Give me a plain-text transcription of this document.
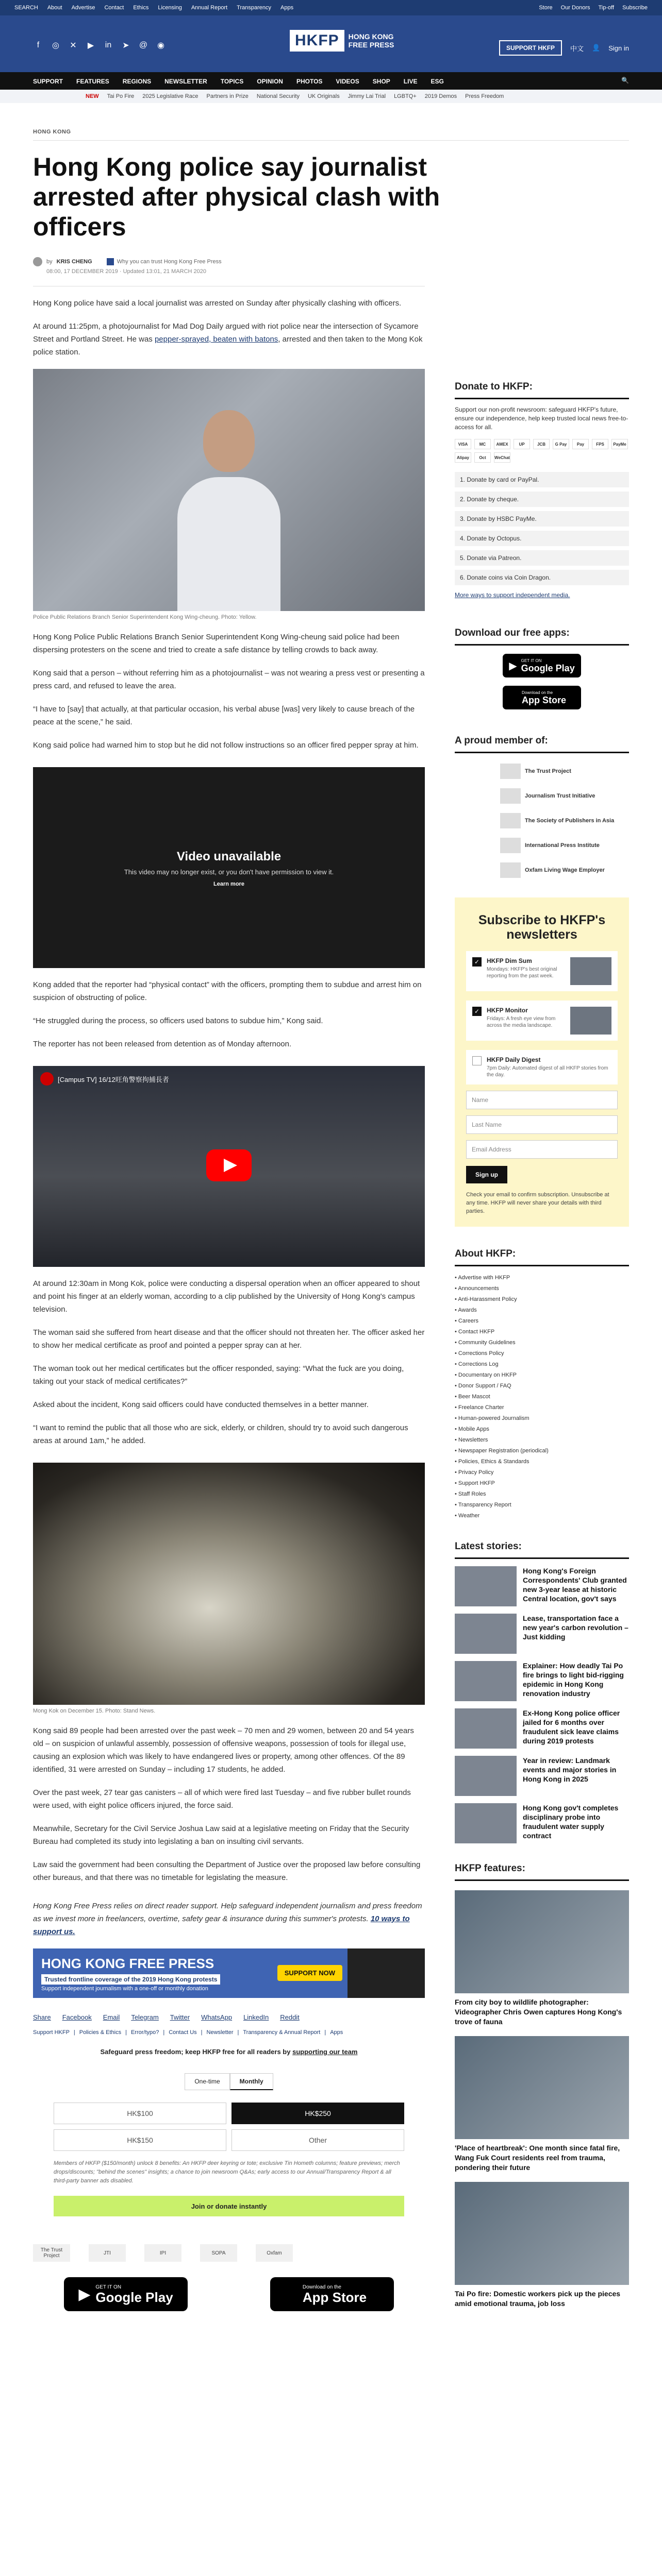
SEARCH About Advertise Contact Ethics Licensing Annual Report Transparency Apps	Store Our Donors Tip-off Subscribe
f	◎ ✕ ▶ in ➤ @ ◉	HKFP	HONG KONG
FREE PRESS	SUPPORT HKFP	中文 👤 Sign in
SUPPORT FEATURES REGIONS NEWSLETTER TOPICS OPINION PHOTOS VIDEOS SHOP LIVE ESG	🔍
NEW Tai Po Fire 2025 Legislative Race Partners in Prize National Security UK Originals Jimmy Lai Trial LGBTQ+ 2019 Demos Press Freedom
HONG KONG
Hong Kong police say journalist arrested after physical clash with officers
by KRIS CHENG	Why you can trust Hong Kong Free Press
08:00, 17 DECEMBER 2019 · Updated 13:01, 21 MARCH 2020

Hong Kong police have said a local journalist was arrested on Sunday after physically clashing with officers.

At around 11:25pm, a photojournalist for Mad Dog Daily argued with riot police near the intersection of Sycamore Street and Portland Street. He was pepper-sprayed, beaten with batons, arrested and then taken to the Mong Kok police station.

Police Public Relations Branch Senior Superintendent Kong Wing-cheung. Photo: Yellow.

Hong Kong Police Public Relations Branch Senior Superintendent Kong Wing-cheung said police had been dispersing protesters on the scene and tried to create a safe distance by telling crowds to back away.

Kong said that a person – without referring him as a photojournalist – was not wearing a press vest or presenting a press card, and refused to leave the area.

“I have to [say] that actually, at that particular occasion, his verbal abuse [was] very likely to cause breach of the peace at the scene,” he said.

Kong said police had warned him to stop but he did not follow instructions so an officer fired pepper spray at him.

Video unavailable
This video may no longer exist, or you don't have permission to view it.
Learn more

Kong added that the reporter had “physical contact” with the officers, prompting them to subdue and arrest him on suspicion of obstructing of police.

“He struggled during the process, so officers used batons to subdue him,” Kong said.

The reporter has not been released from detention as of Monday afternoon.

[Campus TV] 16/12旺角警察拘捕長者

At around 12:30am in Mong Kok, police were conducting a dispersal operation when an officer appeared to shout and point his finger at an elderly woman, according to a clip published by the University of Hong Kong's campus television.

The woman said she suffered from heart disease and that the officer should not threaten her. The officer asked her to show her medical certificate as proof and pointed a pepper spray can at her.

The woman took out her medical certificates but the officer responded, saying: “What the fuck are you doing, taking out your stack of medical certificates?”

Asked about the incident, Kong said officers could have conducted themselves in a better manner.

“I want to remind the public that all those who are sick, elderly, or children, should try to avoid such dangerous areas at around 1am,” he added.

Mong Kok on December 15. Photo: Stand News.

Kong said 89 people had been arrested over the past week – 70 men and 29 women, between 20 and 54 years old – on suspicion of unlawful assembly, possession of offensive weapons, possession of tools for illegal use, causing an explosion which was likely to have endangered lives or property, among other offences. Of the 89 identified, 31 were arrested on Sunday – including 17 students, he added.

Over the past week, 27 tear gas canisters – all of which were fired last Tuesday – and five rubber bullet rounds were used, with eight police officers injured, the force said.

Meanwhile, Secretary for the Civil Service Joshua Law said at a legislative meeting on Friday that the Security Bureau had completed its study into legislating a ban on insulting civil servants.

Law said the government had been consulting the Department of Justice over the proposed law before consulting other bureaus, and that there was no timetable for legislating the measure.

Hong Kong Free Press relies on direct reader support. Help safeguard independent journalism and press freedom as we invest more in freelancers, overtime, safety gear & insurance during this summer's protests. 10 ways to support us.

HONG KONG FREE PRESS
Trusted frontline coverage of the 2019 Hong Kong protests
Support independent journalism with a one-off or monthly donation
SUPPORT NOW
Share Facebook Email Telegram Twitter WhatsApp LinkedIn Reddit
Support HKFP | Policies & Ethics | Error/typo? | Contact Us | Newsletter | Transparency & Annual Report | Apps
Safeguard press freedom; keep HKFP free for all readers by supporting our team
One-time	Monthly
HK$100	HK$250
HK$150	Other
Members of HKFP ($150/month) unlock 8 benefits: An HKFP deer keyring or tote; exclusive Tin Hometh columns; feature previews; merch drops/discounts; "behind the scenes" insights; a chance to join newsroom Q&As; early access to our Annual/Transparency Report & all third-party banner ads disabled.
Join or donate instantly
The Trust Project	JTI	IPI	SOPA	Oxfam
▶ GET IT ON
Google Play
Download on the
App Store
Donate to HKFP:
Support our non-profit newsroom: safeguard HKFP's future, ensure our independence, help keep trusted local news free-to-access for all.
VISA	MC	AMEX	UP	JCB	G Pay	Pay	FPS	PayMe
Alipay	Oct	WeChat
1. Donate by card or PayPal.
2. Donate by cheque.
3. Donate by HSBC PayMe.
4. Donate by Octopus.
5. Donate via Patreon.
6. Donate coins via Coin Dragon.
More ways to support independent media.
Download our free apps:
▶ GET IT ON
Google Play
Download on the
App Store
A proud member of:
The Trust Project
Journalism Trust Initiative
The Society of Publishers in Asia
International Press Institute
Oxfam Living Wage Employer
Subscribe to HKFP's newsletters
✓	HKFP Dim Sum
Mondays: HKFP's best original reporting from the past week.
✓	HKFP Monitor
Fridays: A fresh eye view from across the media landscape.
HKFP Daily Digest
7pm Daily: Automated digest of all HKFP stories from the day.
Name
Last Name
Email Address
Sign up
Check your email to confirm subscription. Unsubscribe at any time. HKFP will never share your details with third parties.
About HKFP:
• Advertise with HKFP
• Announcements
• Anti-Harassment Policy
• Awards
• Careers
• Contact HKFP
• Community Guidelines
• Corrections Policy
• Corrections Log
• Documentary on HKFP
• Donor Support / FAQ
• Beer Mascot
• Freelance Charter
• Human-powered Journalism
• Mobile Apps
• Newsletters
• Newspaper Registration (periodical)
• Policies, Ethics & Standards
• Privacy Policy
• Support HKFP
• Staff Roles
• Transparency Report
• Weather
Latest stories:
Hong Kong's Foreign Correspondents' Club granted new 3-year lease at historic Central location, gov't says
Lease, transportation face a new year's carbon revolution – Just kidding
Explainer: How deadly Tai Po fire brings to light bid-rigging epidemic in Hong Kong renovation industry
Ex-Hong Kong police officer jailed for 6 months over fraudulent sick leave claims during 2019 protests
Year in review: Landmark events and major stories in Hong Kong in 2025
Hong Kong gov't completes disciplinary probe into fraudulent water supply contract
HKFP features:
From city boy to wildlife photographer: Videographer Chris Owen captures Hong Kong's trove of fauna
'Place of heartbreak': One month since fatal fire, Wang Fuk Court residents reel from trauma, pondering their future
Tai Po fire: Domestic workers pick up the pieces amid emotional trauma, job loss
